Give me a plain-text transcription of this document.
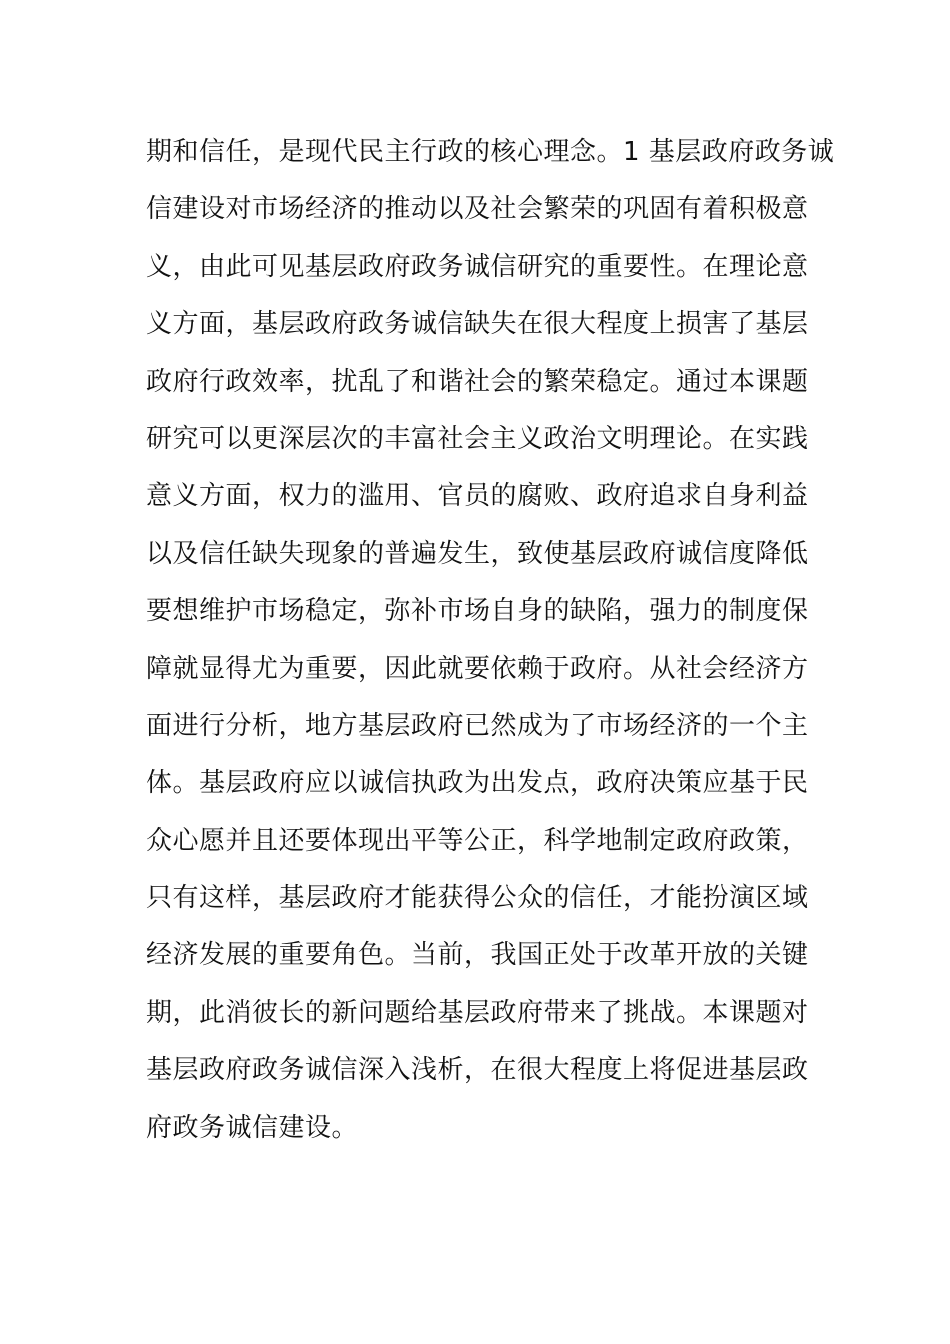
期和信任，是现代民主行政的核心理念。1 基层政府政务诚
信建设对市场经济的推动以及社会繁荣的巩固有着积极意
义，由此可见基层政府政务诚信研究的重要性。在理论意
义方面，基层政府政务诚信缺失在很大程度上损害了基层
政府行政效率，扰乱了和谐社会的繁荣稳定。通过本课题
研究可以更深层次的丰富社会主义政治文明理论。在实践
意义方面，权力的滥用、官员的腐败、政府追求自身利益
以及信任缺失现象的普遍发生，致使基层政府诚信度降低
要想维护市场稳定，弥补市场自身的缺陷，强力的制度保
障就显得尤为重要，因此就要依赖于政府。从社会经济方
面进行分析，地方基层政府已然成为了市场经济的一个主
体。基层政府应以诚信执政为出发点，政府决策应基于民
众心愿并且还要体现出平等公正，科学地制定政府政策，
只有这样，基层政府才能获得公众的信任，才能扮演区域
经济发展的重要角色。当前，我国正处于改革开放的关键
期，此消彼长的新问题给基层政府带来了挑战。本课题对
基层政府政务诚信深入浅析，在很大程度上将促进基层政
府政务诚信建设。
